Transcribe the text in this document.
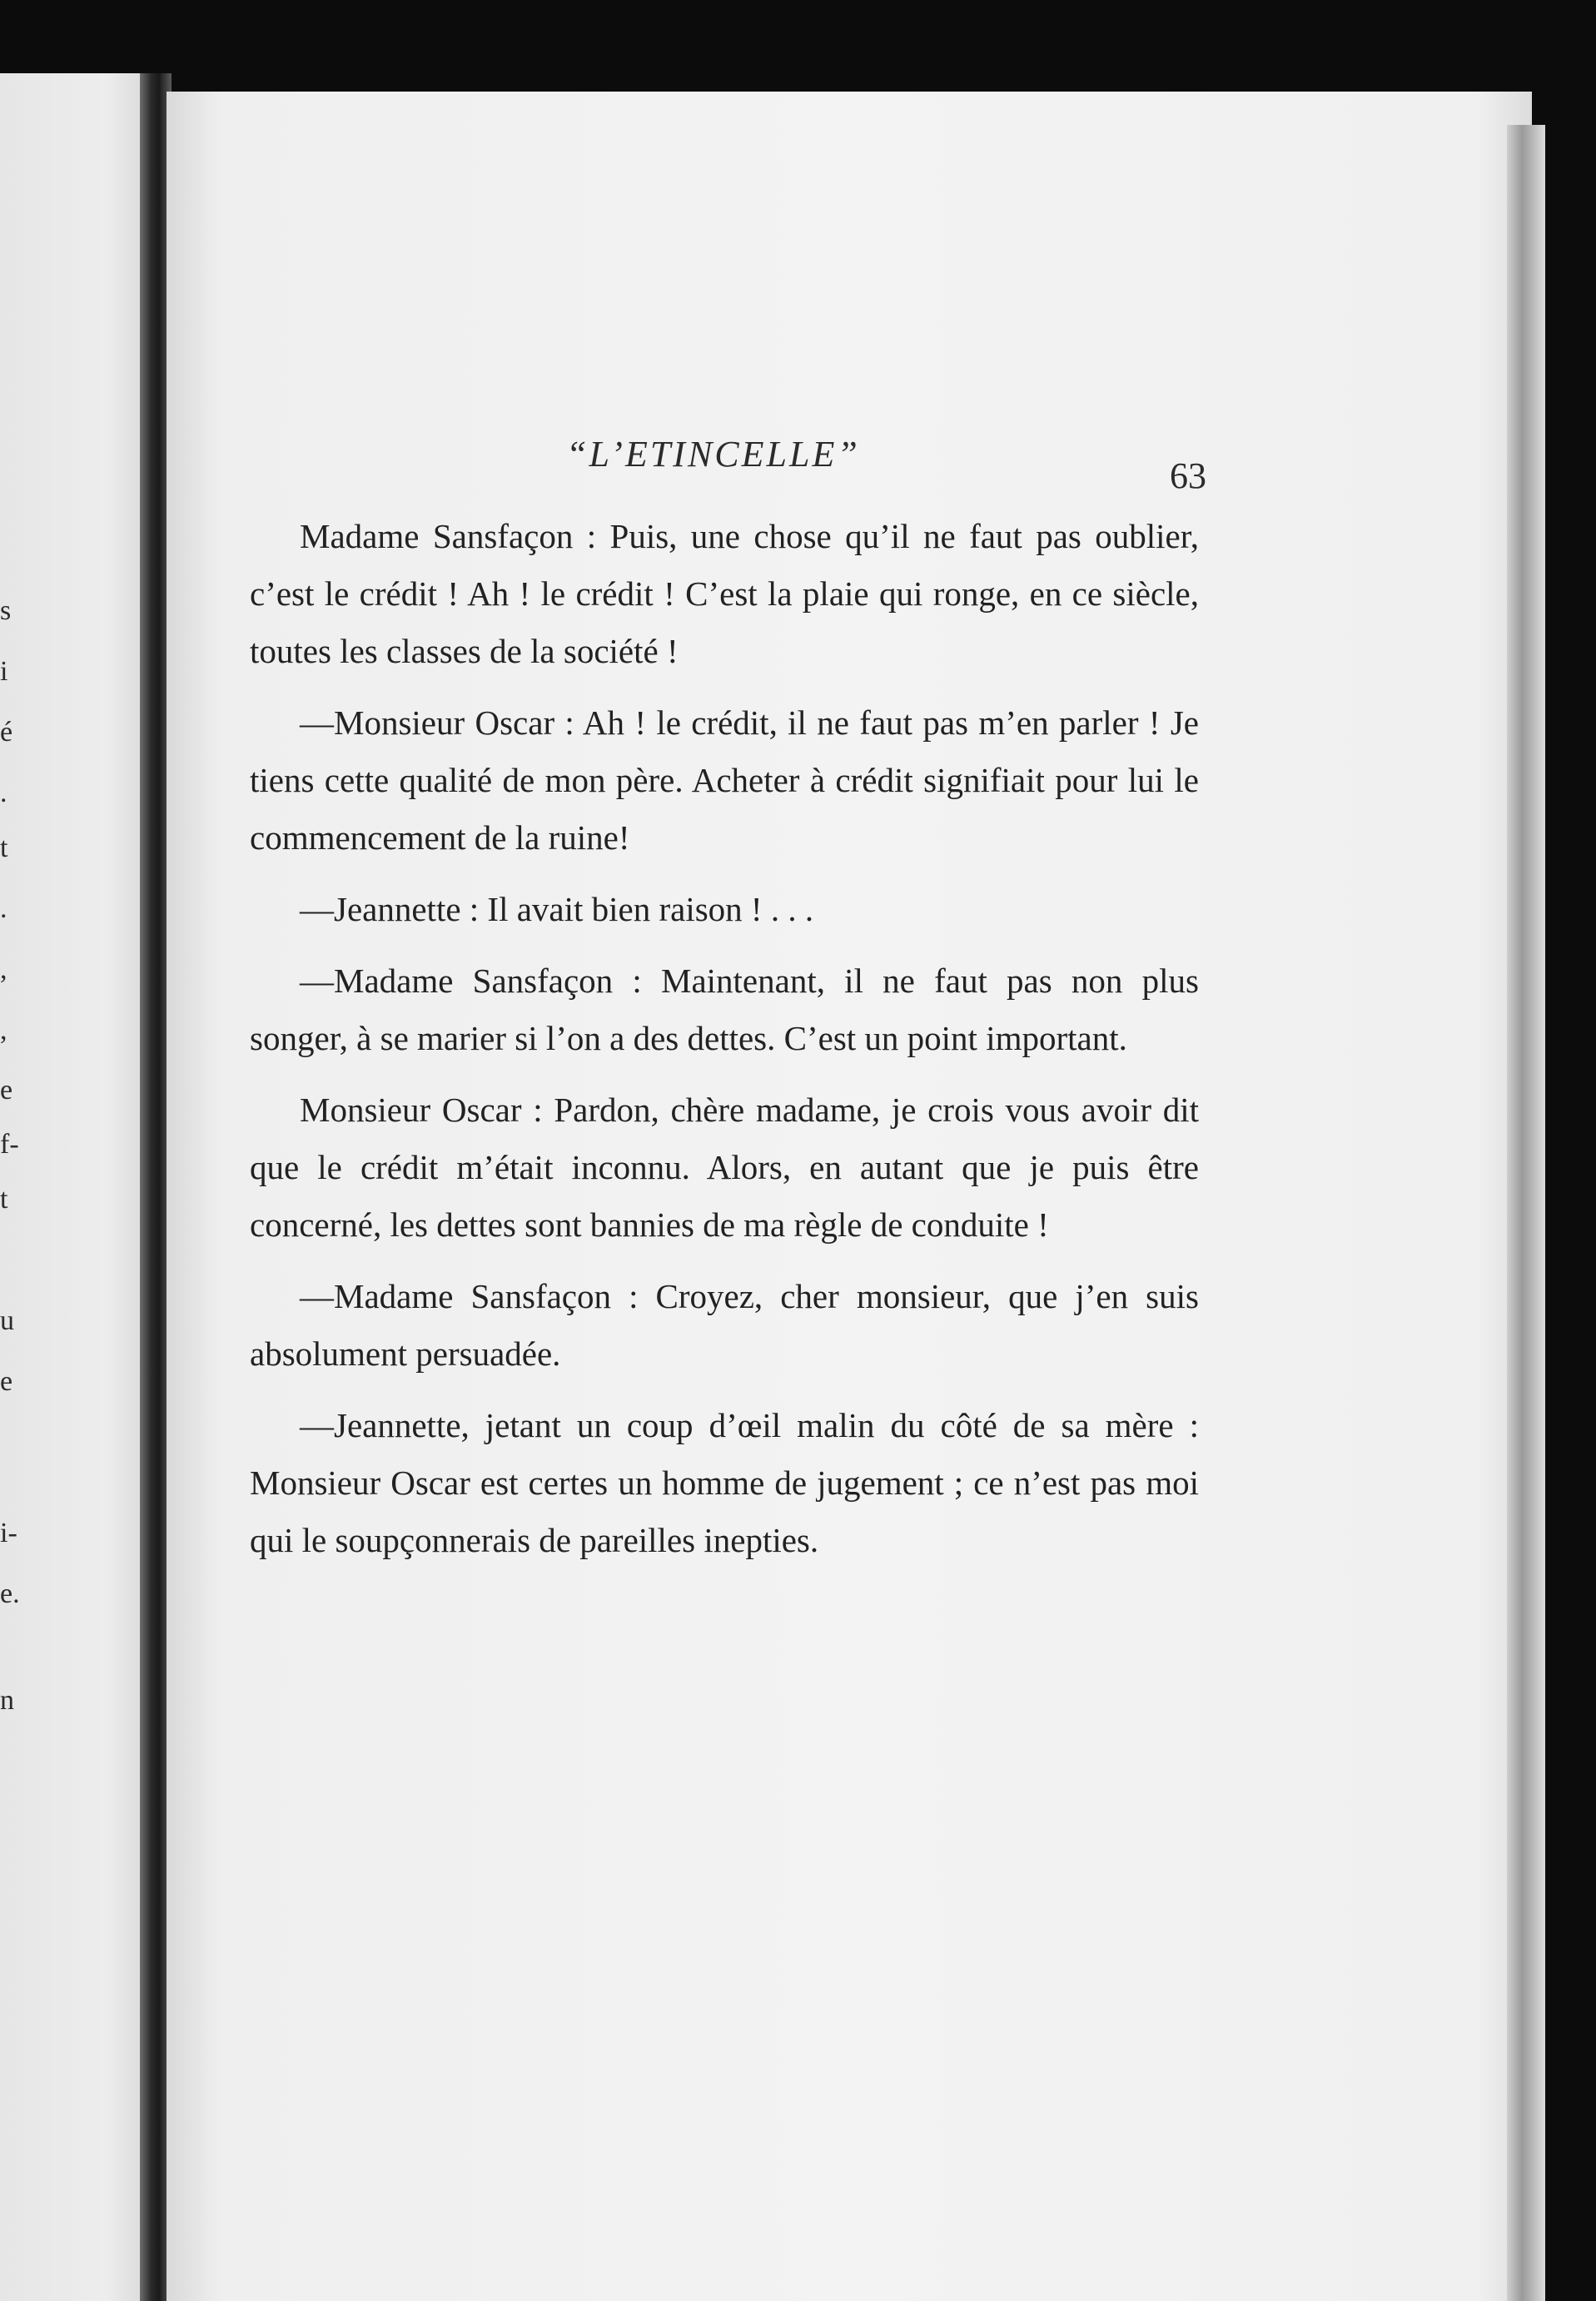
s
i
é
.
t
.
,
,
e
f-
t
u
e
i-
e.
n
“L’ETINCELLE”
63

Madame Sansfaçon : Puis, une chose qu’il ne faut pas oublier, c’est le crédit ! Ah ! le crédit ! C’est la plaie qui ronge, en ce siècle, toutes les classes de la société !

—Monsieur Oscar : Ah ! le crédit, il ne faut pas m’en parler ! Je tiens cette qualité de mon père. Acheter à crédit signifiait pour lui le commencement de la ruine!

—Jeannette : Il avait bien raison ! . . .

—Madame Sansfaçon : Maintenant, il ne faut pas non plus songer, à se marier si l’on a des dettes. C’est un point important.

Monsieur Oscar : Pardon, chère madame, je crois vous avoir dit que le crédit m’était inconnu. Alors, en autant que je puis être concerné, les dettes sont bannies de ma règle de conduite !

—Madame Sansfaçon : Croyez, cher monsieur, que j’en suis absolument persuadée.

—Jeannette, jetant un coup d’œil malin du côté de sa mère : Monsieur Oscar est certes un homme de jugement ; ce n’est pas moi qui le soupçonnerais de pareilles inepties.
